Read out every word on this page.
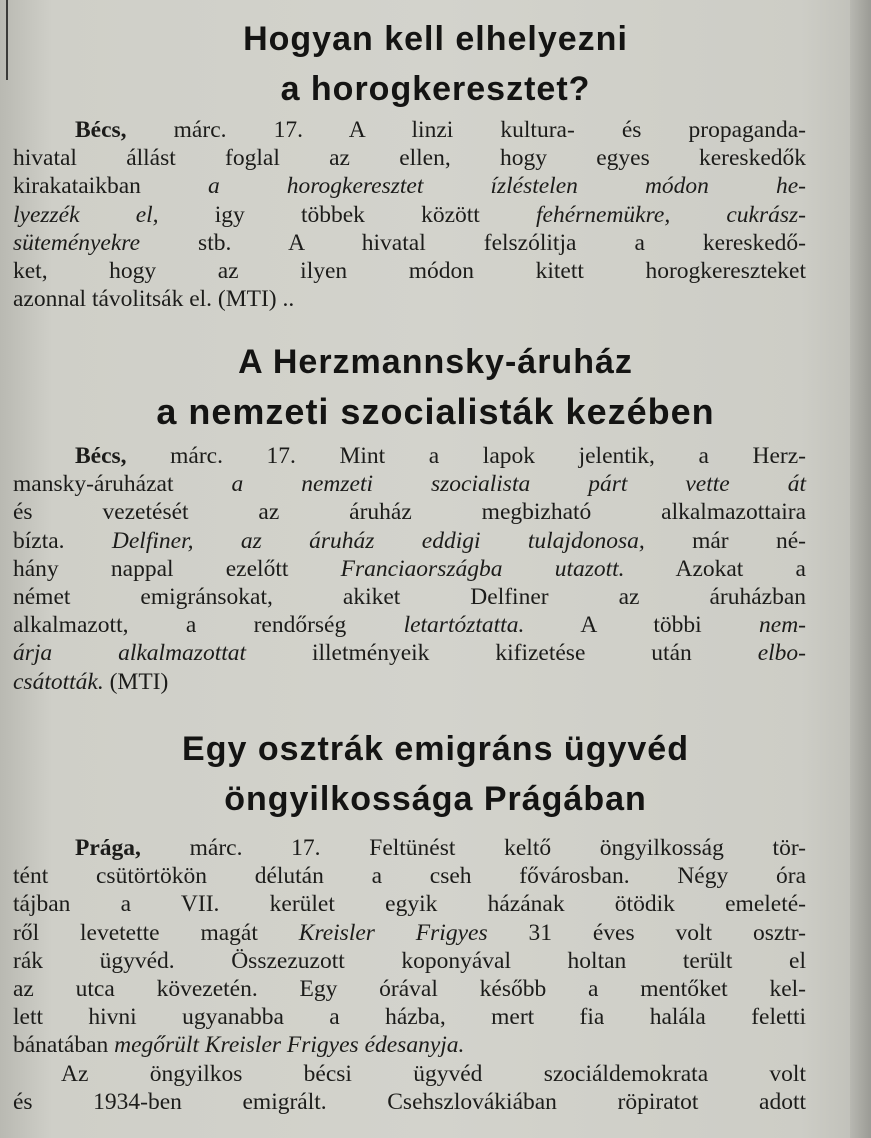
Hogyan kell elhelyezni
a horogkeresztet?
Bécs, márc. 17. A linzi kultura- és propaganda-
hivatal állást foglal az ellen, hogy egyes kereskedők
kirakataikban a horogkeresztet ízléstelen módon he-
lyezzék el, igy többek között fehérnemükre, cukrász-
süteményekre stb. A hivatal felszólitja a kereskedő-
ket, hogy az ilyen módon kitett horogkereszteket
azonnal távolitsák el. (MTI) ..
A Herzmannsky-áruház
a nemzeti szocialisták kezében
Bécs, márc. 17. Mint a lapok jelentik, a Herz-
mansky-áruházat a nemzeti szocialista párt vette át
és vezetését az áruház megbizható alkalmazottaira
bízta. Delfiner, az áruház eddigi tulajdonosa, már né-
hány nappal ezelőtt Franciaországba utazott. Azokat a
német emigránsokat, akiket Delfiner az áruházban
alkalmazott, a rendőrség letartóztatta. A többi nem-
árja alkalmazottat illetményeik kifizetése után elbo-
csátották. (MTI)
Egy osztrák emigráns ügyvéd
öngyilkossága Prágában
Prága, márc. 17. Feltünést keltő öngyilkosság tör-
tént csütörtökön délután a cseh fővárosban. Négy óra
tájban a VII. kerület egyik házának ötödik emeleté-
ről levetette magát Kreisler Frigyes 31 éves volt osztr-
rák ügyvéd. Összezuzott koponyával holtan terült el
az utca kövezetén. Egy órával később a mentőket kel-
lett hivni ugyanabba a házba, mert fia halála feletti
bánatában megőrült Kreisler Frigyes édesanyja.
Az öngyilkos bécsi ügyvéd szociáldemokrata volt
és 1934-ben emigrált. Csehszlovákiában röpiratot adott
